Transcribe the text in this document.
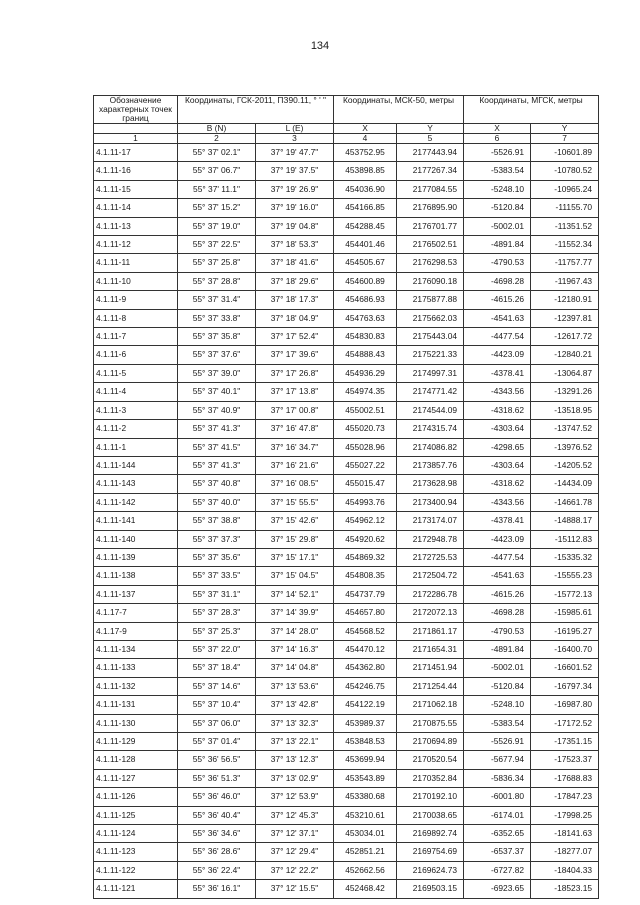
134
Обозначение характерных точек границ	Координаты, ГСК-2011, ПЗ90.11, ° ' "		Координаты, МСК-50, метры		Координаты, МГСК, метры	
	B (N)	L (E)	X	Y	X	Y
1	2	3	4	5	6	7
4.1.11-17	55° 37' 02.1"	37° 19' 47.7"	453752.95	2177443.94	-5526.91	-10601.89
4.1.11-16	55° 37' 06.7"	37° 19' 37.5"	453898.85	2177267.34	-5383.54	-10780.52
4.1.11-15	55° 37' 11.1"	37° 19' 26.9"	454036.90	2177084.55	-5248.10	-10965.24
4.1.11-14	55° 37' 15.2"	37° 19' 16.0"	454166.85	2176895.90	-5120.84	-11155.70
4.1.11-13	55° 37' 19.0"	37° 19' 04.8"	454288.45	2176701.77	-5002.01	-11351.52
4.1.11-12	55° 37' 22.5"	37° 18' 53.3"	454401.46	2176502.51	-4891.84	-11552.34
4.1.11-11	55° 37' 25.8"	37° 18' 41.6"	454505.67	2176298.53	-4790.53	-11757.77
4.1.11-10	55° 37' 28.8"	37° 18' 29.6"	454600.89	2176090.18	-4698.28	-11967.43
4.1.11-9	55° 37' 31.4"	37° 18' 17.3"	454686.93	2175877.88	-4615.26	-12180.91
4.1.11-8	55° 37' 33.8"	37° 18' 04.9"	454763.63	2175662.03	-4541.63	-12397.81
4.1.11-7	55° 37' 35.8"	37° 17' 52.4"	454830.83	2175443.04	-4477.54	-12617.72
4.1.11-6	55° 37' 37.6"	37° 17' 39.6"	454888.43	2175221.33	-4423.09	-12840.21
4.1.11-5	55° 37' 39.0"	37° 17' 26.8"	454936.29	2174997.31	-4378.41	-13064.87
4.1.11-4	55° 37' 40.1"	37° 17' 13.8"	454974.35	2174771.42	-4343.56	-13291.26
4.1.11-3	55° 37' 40.9"	37° 17' 00.8"	455002.51	2174544.09	-4318.62	-13518.95
4.1.11-2	55° 37' 41.3"	37° 16' 47.8"	455020.73	2174315.74	-4303.64	-13747.52
4.1.11-1	55° 37' 41.5"	37° 16' 34.7"	455028.96	2174086.82	-4298.65	-13976.52
4.1.11-144	55° 37' 41.3"	37° 16' 21.6"	455027.22	2173857.76	-4303.64	-14205.52
4.1.11-143	55° 37' 40.8"	37° 16' 08.5"	455015.47	2173628.98	-4318.62	-14434.09
4.1.11-142	55° 37' 40.0"	37° 15' 55.5"	454993.76	2173400.94	-4343.56	-14661.78
4.1.11-141	55° 37' 38.8"	37° 15' 42.6"	454962.12	2173174.07	-4378.41	-14888.17
4.1.11-140	55° 37' 37.3"	37° 15' 29.8"	454920.62	2172948.78	-4423.09	-15112.83
4.1.11-139	55° 37' 35.6"	37° 15' 17.1"	454869.32	2172725.53	-4477.54	-15335.32
4.1.11-138	55° 37' 33.5"	37° 15' 04.5"	454808.35	2172504.72	-4541.63	-15555.23
4.1.11-137	55° 37' 31.1"	37° 14' 52.1"	454737.79	2172286.78	-4615.26	-15772.13
4.1.17-7	55° 37' 28.3"	37° 14' 39.9"	454657.80	2172072.13	-4698.28	-15985.61
4.1.17-9	55° 37' 25.3"	37° 14' 28.0"	454568.52	2171861.17	-4790.53	-16195.27
4.1.11-134	55° 37' 22.0"	37° 14' 16.3"	454470.12	2171654.31	-4891.84	-16400.70
4.1.11-133	55° 37' 18.4"	37° 14' 04.8"	454362.80	2171451.94	-5002.01	-16601.52
4.1.11-132	55° 37' 14.6"	37° 13' 53.6"	454246.75	2171254.44	-5120.84	-16797.34
4.1.11-131	55° 37' 10.4"	37° 13' 42.8"	454122.19	2171062.18	-5248.10	-16987.80
4.1.11-130	55° 37' 06.0"	37° 13' 32.3"	453989.37	2170875.55	-5383.54	-17172.52
4.1.11-129	55° 37' 01.4"	37° 13' 22.1"	453848.53	2170694.89	-5526.91	-17351.15
4.1.11-128	55° 36' 56.5"	37° 13' 12.3"	453699.94	2170520.54	-5677.94	-17523.37
4.1.11-127	55° 36' 51.3"	37° 13' 02.9"	453543.89	2170352.84	-5836.34	-17688.83
4.1.11-126	55° 36' 46.0"	37° 12' 53.9"	453380.68	2170192.10	-6001.80	-17847.23
4.1.11-125	55° 36' 40.4"	37° 12' 45.3"	453210.61	2170038.65	-6174.01	-17998.25
4.1.11-124	55° 36' 34.6"	37° 12' 37.1"	453034.01	2169892.74	-6352.65	-18141.63
4.1.11-123	55° 36' 28.6"	37° 12' 29.4"	452851.21	2169754.69	-6537.37	-18277.07
4.1.11-122	55° 36' 22.4"	37° 12' 22.2"	452662.56	2169624.73	-6727.82	-18404.33
4.1.11-121	55° 36' 16.1"	37° 12' 15.5"	452468.42	2169503.15	-6923.65	-18523.15
